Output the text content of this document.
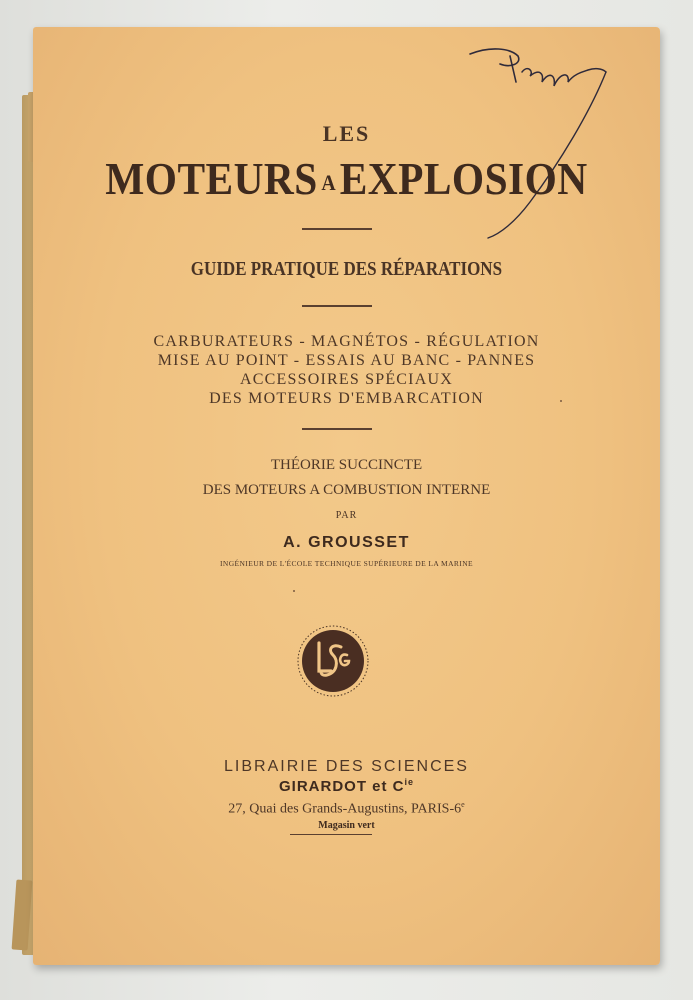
LES

MOTEURS AEXPLOSION

GUIDE PRATIQUE DES RÉPARATIONS

CARBURATEURS - MAGNÉTOS - RÉGULATION

MISE AU POINT - ESSAIS AU BANC - PANNES

ACCESSOIRES SPÉCIAUX

DES MOTEURS D'EMBARCATION

THÉORIE SUCCINCTE

DES MOTEURS A COMBUSTION INTERNE

PAR

A. GROUSSET

INGÉNIEUR DE L'ÉCOLE TECHNIQUE SUPÉRIEURE DE LA MARINE

LIBRAIRIE DES SCIENCES

GIRARDOT et $C^{ie}$

27, Quai des Grands-Augustins, PARIS-6e

Magasin vert
